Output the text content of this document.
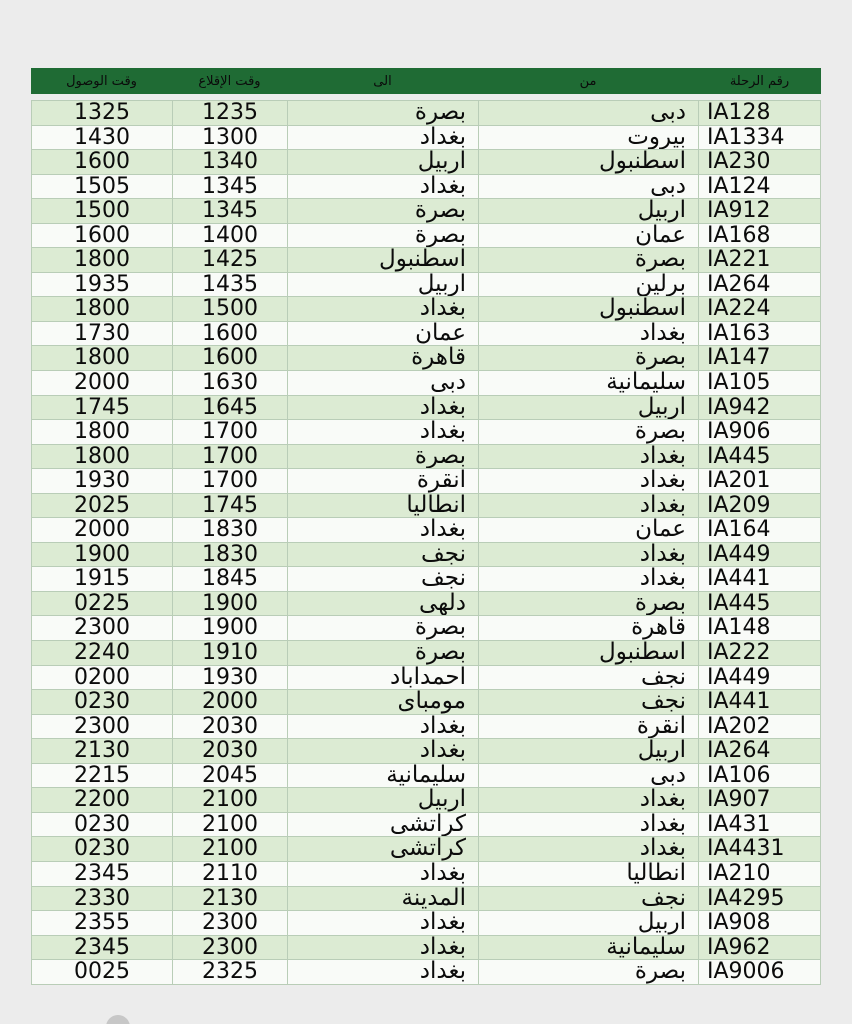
رقم الرحلة
من
الى
وقت الإقلاع
وقت الوصول
IA128
دبى
بصرة
1235
1325
IA1334
بيروت
بغداد
1300
1430
IA230
اسطنبول
اربيل
1340
1600
IA124
دبى
بغداد
1345
1505
IA912
اربيل
بصرة
1345
1500
IA168
عمان
بصرة
1400
1600
IA221
بصرة
اسطنبول
1425
1800
IA264
برلين
اربيل
1435
1935
IA224
اسطنبول
بغداد
1500
1800
IA163
بغداد
عمان
1600
1730
IA147
بصرة
قاهرة
1600
1800
IA105
سليمانية
دبى
1630
2000
IA942
اربيل
بغداد
1645
1745
IA906
بصرة
بغداد
1700
1800
IA445
بغداد
بصرة
1700
1800
IA201
بغداد
انقرة
1700
1930
IA209
بغداد
انطاليا
1745
2025
IA164
عمان
بغداد
1830
2000
IA449
بغداد
نجف
1830
1900
IA441
بغداد
نجف
1845
1915
IA445
بصرة
دلهى
1900
0225
IA148
قاهرة
بصرة
1900
2300
IA222
اسطنبول
بصرة
1910
2240
IA449
نجف
احمداباد
1930
0200
IA441
نجف
مومباى
2000
0230
IA202
انقرة
بغداد
2030
2300
IA264
اربيل
بغداد
2030
2130
IA106
دبى
سليمانية
2045
2215
IA907
بغداد
اربيل
2100
2200
IA431
بغداد
كراتشى
2100
0230
IA4431
بغداد
كراتشى
2100
0230
IA210
انطاليا
بغداد
2110
2345
IA4295
نجف
المدينة
2130
2330
IA908
اربيل
بغداد
2300
2355
IA962
سليمانية
بغداد
2300
2345
IA9006
بصرة
بغداد
2325
0025
